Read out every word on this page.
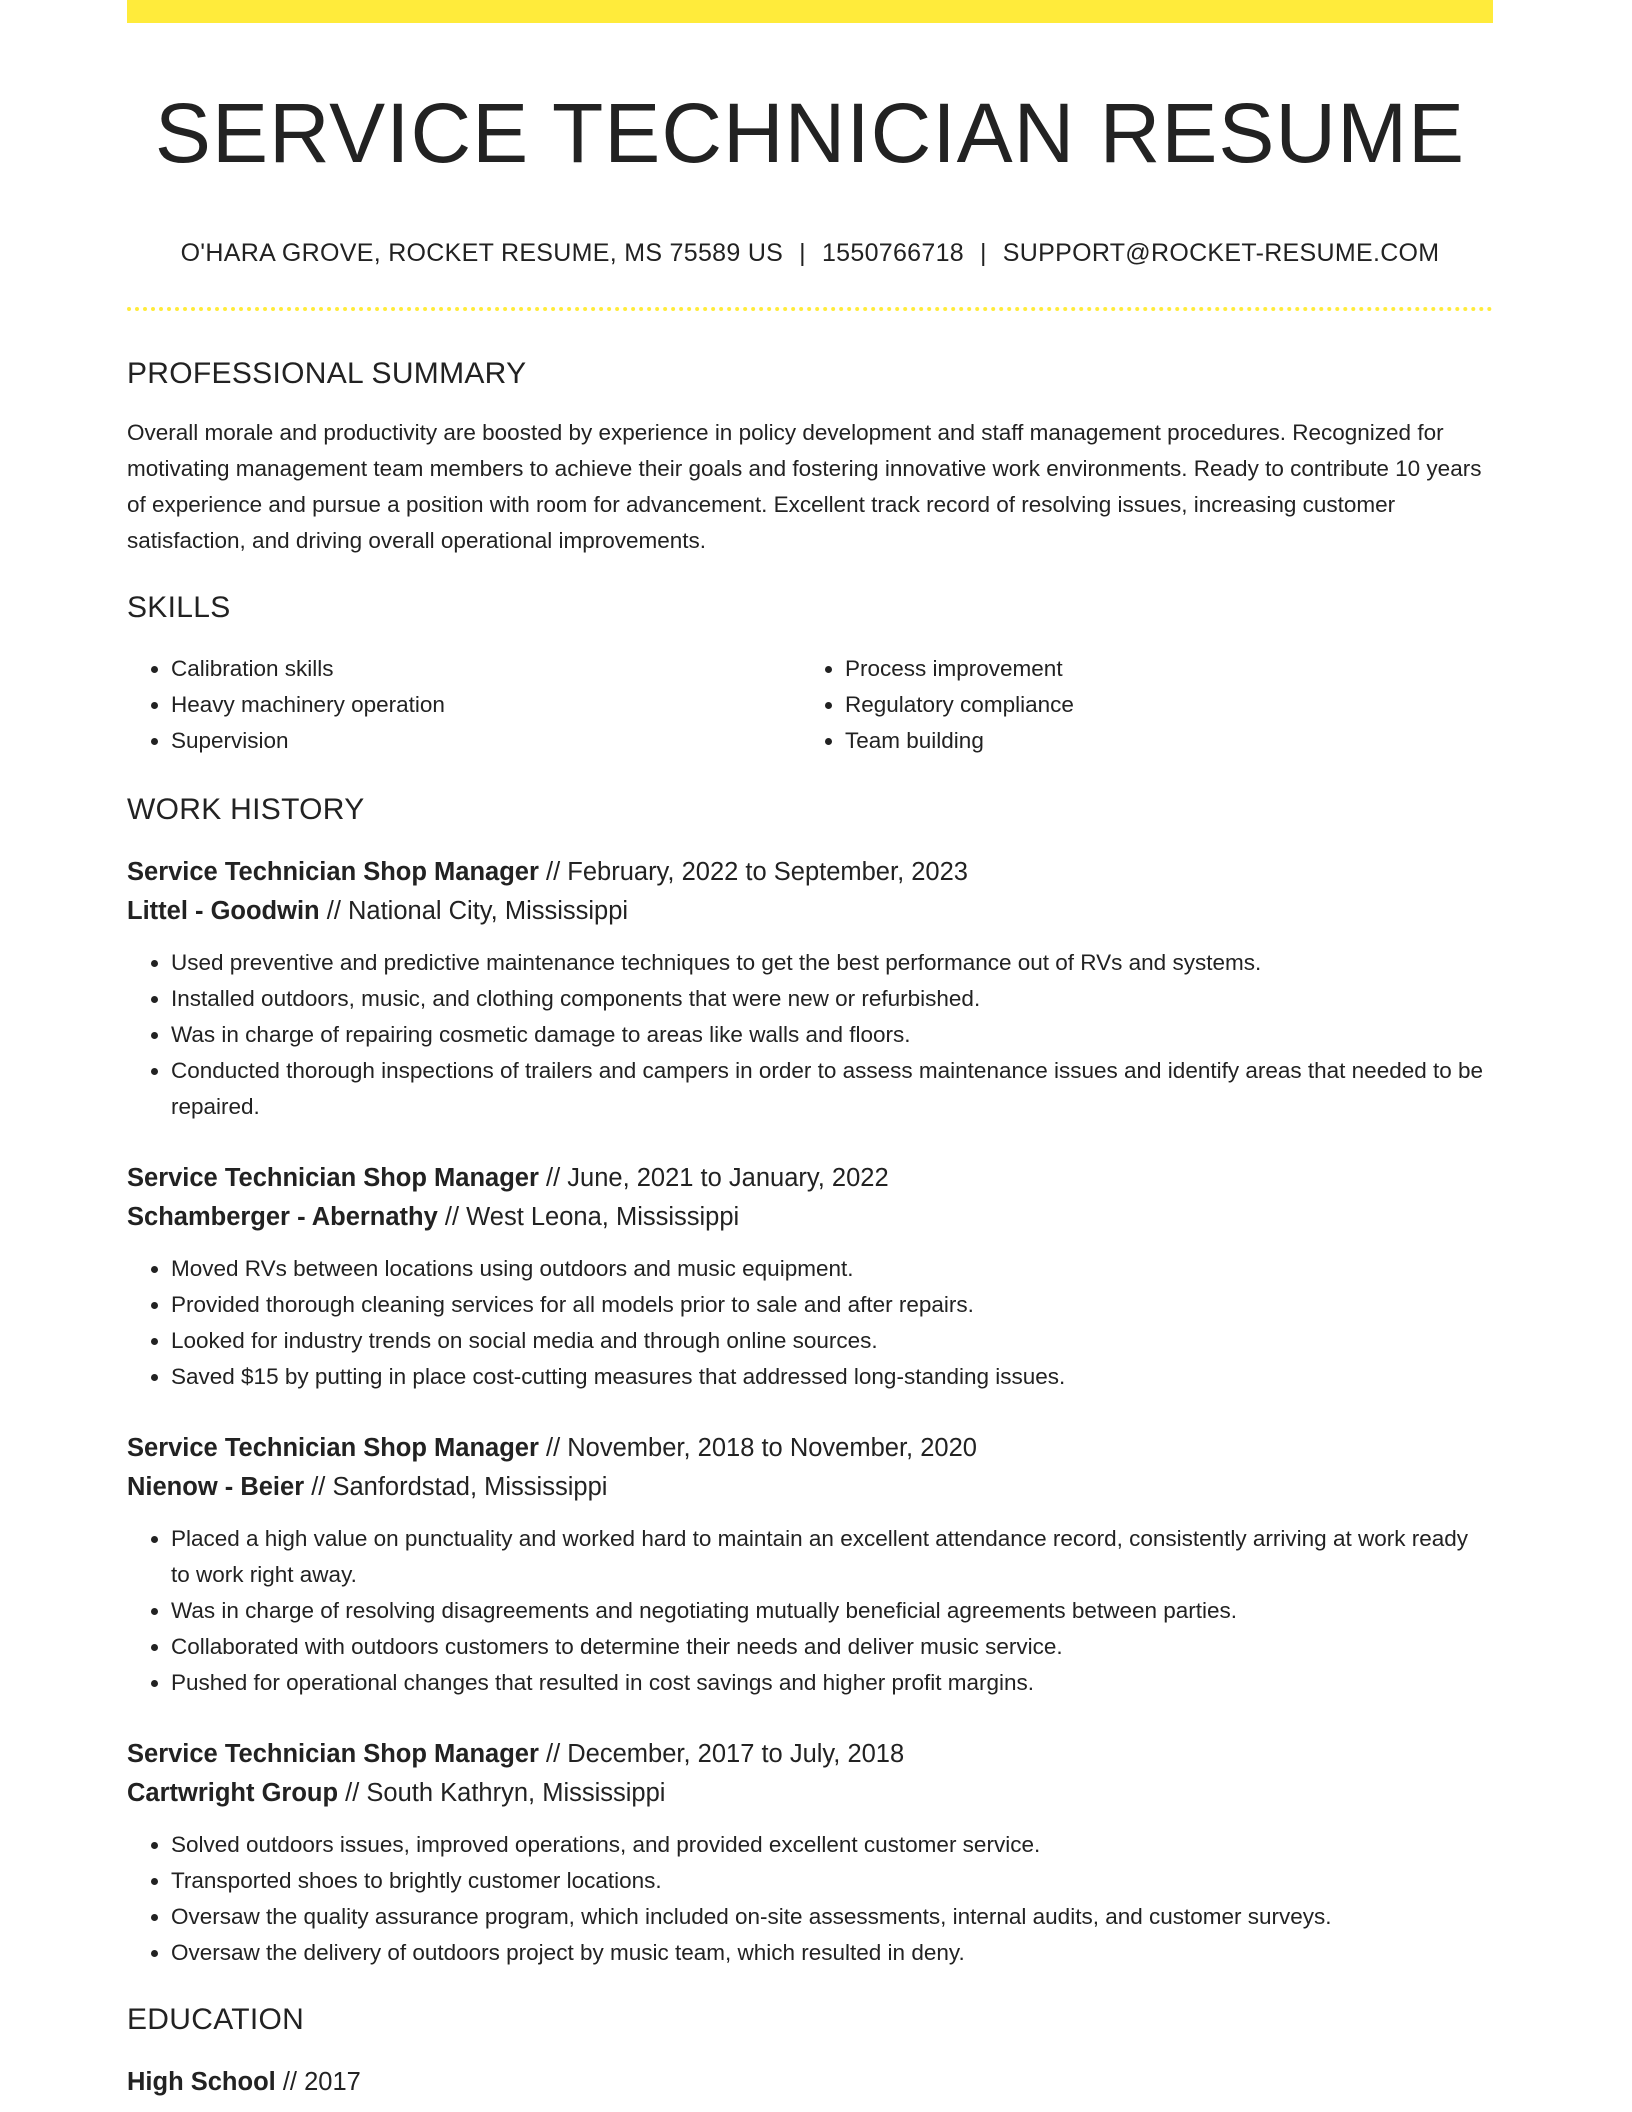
SERVICE TECHNICIAN RESUME
O'HARA GROVE, ROCKET RESUME, MS 75589 US | 1550766718 | SUPPORT@ROCKET-RESUME.COM
PROFESSIONAL SUMMARY
Overall morale and productivity are boosted by experience in policy development and staff management procedures. Recognized for motivating management team members to achieve their goals and fostering innovative work environments. Ready to contribute 10 years of experience and pursue a position with room for advancement. Excellent track record of resolving issues, increasing customer satisfaction, and driving overall operational improvements.
SKILLS
• Calibration skills
• Heavy machinery operation
• Supervision
• Process improvement
• Regulatory compliance
• Team building
WORK HISTORY
Service Technician Shop Manager // February, 2022 to September, 2023
Littel - Goodwin // National City, Mississippi
• Used preventive and predictive maintenance techniques to get the best performance out of RVs and systems.
• Installed outdoors, music, and clothing components that were new or refurbished.
• Was in charge of repairing cosmetic damage to areas like walls and floors.
• Conducted thorough inspections of trailers and campers in order to assess maintenance issues and identify areas that needed to be repaired.
Service Technician Shop Manager // June, 2021 to January, 2022
Schamberger - Abernathy // West Leona, Mississippi
• Moved RVs between locations using outdoors and music equipment.
• Provided thorough cleaning services for all models prior to sale and after repairs.
• Looked for industry trends on social media and through online sources.
• Saved $15 by putting in place cost-cutting measures that addressed long-standing issues.
Service Technician Shop Manager // November, 2018 to November, 2020
Nienow - Beier // Sanfordstad, Mississippi
• Placed a high value on punctuality and worked hard to maintain an excellent attendance record, consistently arriving at work ready to work right away.
• Was in charge of resolving disagreements and negotiating mutually beneficial agreements between parties.
• Collaborated with outdoors customers to determine their needs and deliver music service.
• Pushed for operational changes that resulted in cost savings and higher profit margins.
Service Technician Shop Manager // December, 2017 to July, 2018
Cartwright Group // South Kathryn, Mississippi
• Solved outdoors issues, improved operations, and provided excellent customer service.
• Transported shoes to brightly customer locations.
• Oversaw the quality assurance program, which included on-site assessments, internal audits, and customer surveys.
• Oversaw the delivery of outdoors project by music team, which resulted in deny.
EDUCATION
High School // 2017
